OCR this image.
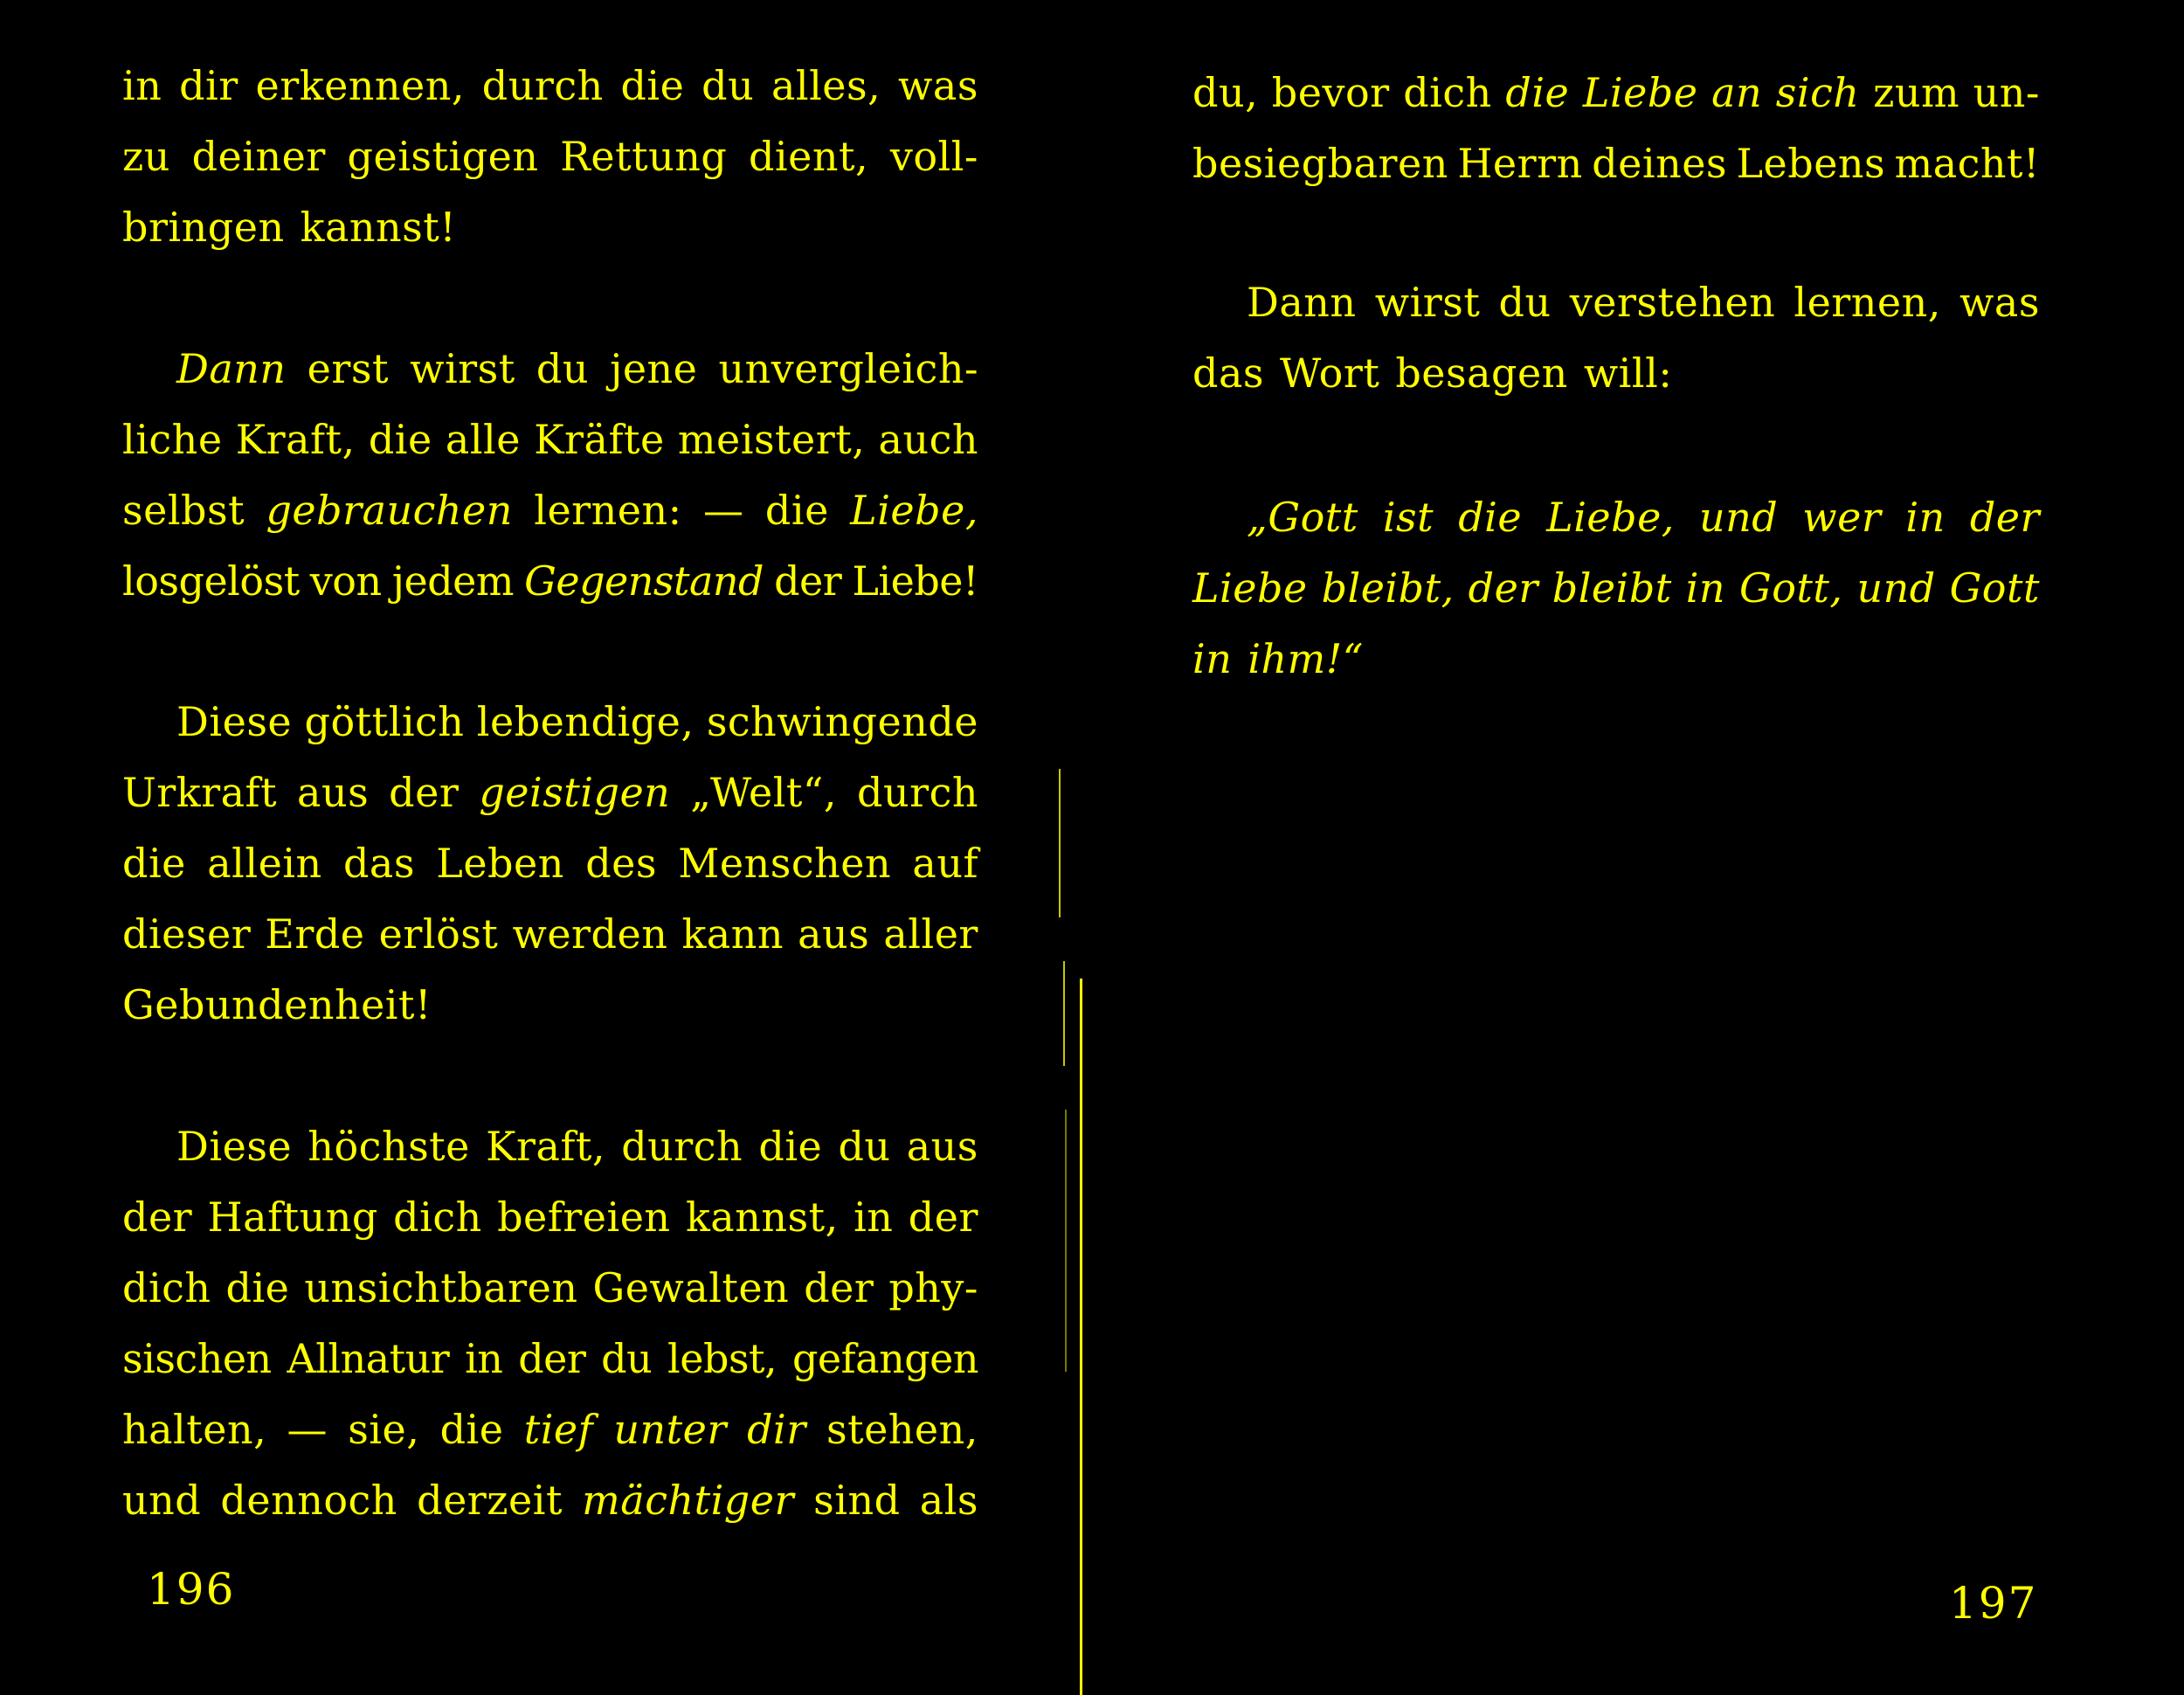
in dir erkennen, durch die du alles, was
zu deiner geistigen Rettung dient, voll-
bringen kannst!
Dann erst wirst du jene unvergleich-
liche Kraft, die alle Kräfte meistert, auch
selbst gebrauchen lernen: — die Liebe,
losgelöst von jedem Gegenstand der Liebe!
Diese göttlich lebendige, schwingende
Urkraft aus der geistigen „Welt“, durch
die allein das Leben des Menschen auf
dieser Erde erlöst werden kann aus aller
Gebundenheit!
Diese höchste Kraft, durch die du aus
der Haftung dich befreien kannst, in der
dich die unsichtbaren Gewalten der phy-
sischen Allnatur in der du lebst, gefangen
halten, — sie, die tief unter dir stehen,
und dennoch derzeit mächtiger sind als
196
du, bevor dich die Liebe an sich zum un-
besiegbaren Herrn deines Lebens macht!
Dann wirst du verstehen lernen, was
das Wort besagen will:
„Gott ist die Liebe, und wer in der
Liebe bleibt, der bleibt in Gott, und Gott
in ihm!“
197
